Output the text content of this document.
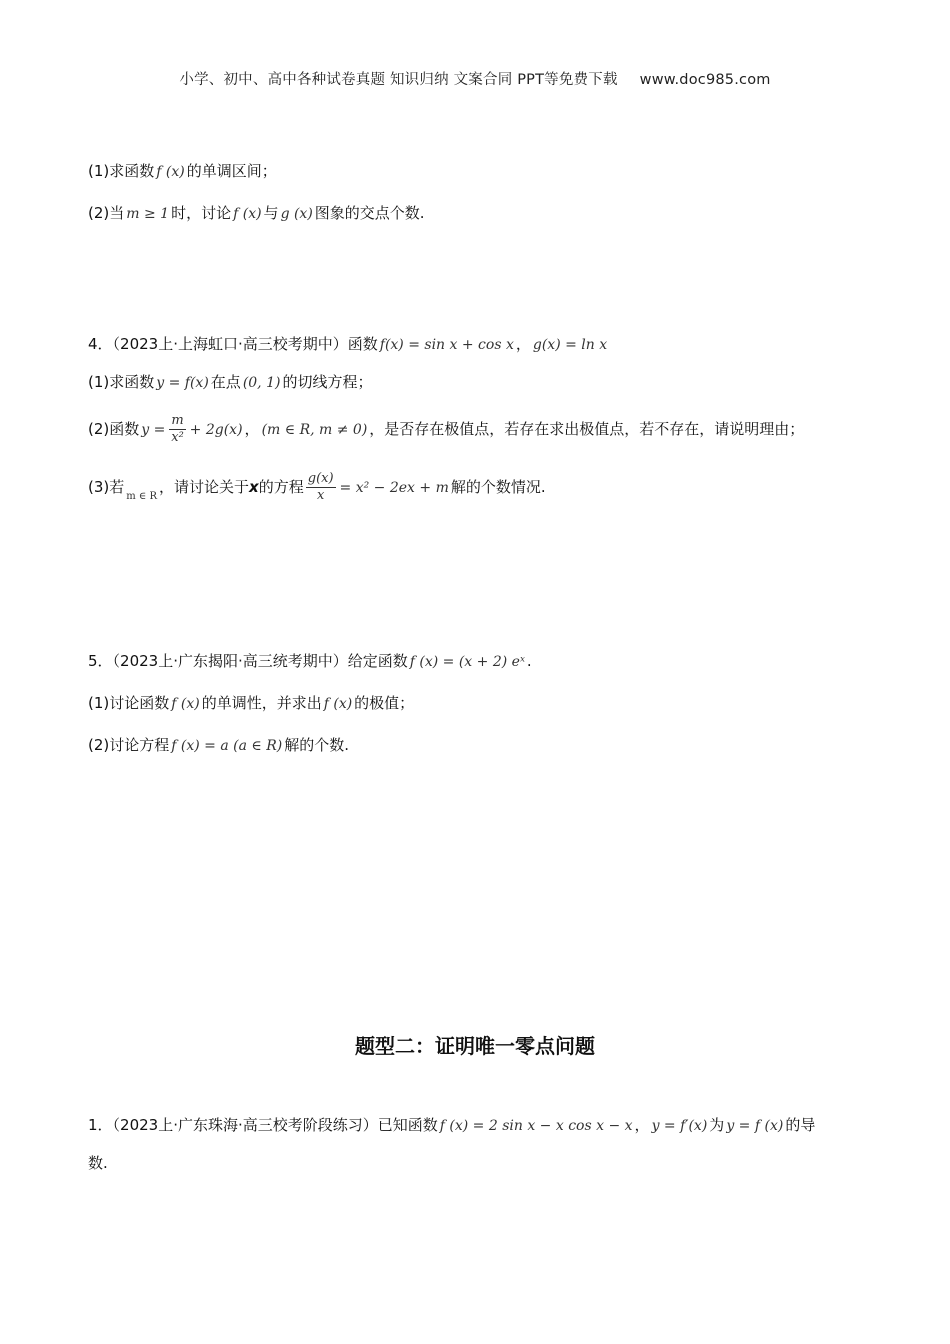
小学、初中、高中各种试卷真题 知识归纳 文案合同 PPT等免费下载 www.doc985.com
(1)求函数 f (x) 的单调区间；
(2)当 m ≥ 1 时，讨论 f (x) 与 g (x) 图象的交点个数.
4．（2023上·上海虹口·高三校考期中）函数 f(x) = sin x + cos x ， g(x) = ln x
(1)求函数 y = f(x) 在点 (0, 1) 的切线方程；
(2)函数 $y = \frac{m}{\text{x²}} + 2g(x)$ ， (m ∈ R, m ≠ 0) ，是否存在极值点，若存在求出极值点，若不存在，请说明理由；
(3)若$_{m \in R}$，请讨论关于x的方程 $\frac{g(x)}{x} = x^2 - 2ex + m$ 解的个数情况.
5．（2023上·广东揭阳·高三统考期中）给定函数 f (x) = (x + 2) eˣ .
(1)讨论函数 f (x) 的单调性，并求出 f (x) 的极值；
(2)讨论方程 f (x) = a (a ∈ R) 解的个数.
题型二：证明唯一零点问题
1．（2023上·广东珠海·高三校考阶段练习）已知函数 f (x) = 2 sin x − x cos x − x ， y = f′(x) 为 y = f (x) 的导
数.
